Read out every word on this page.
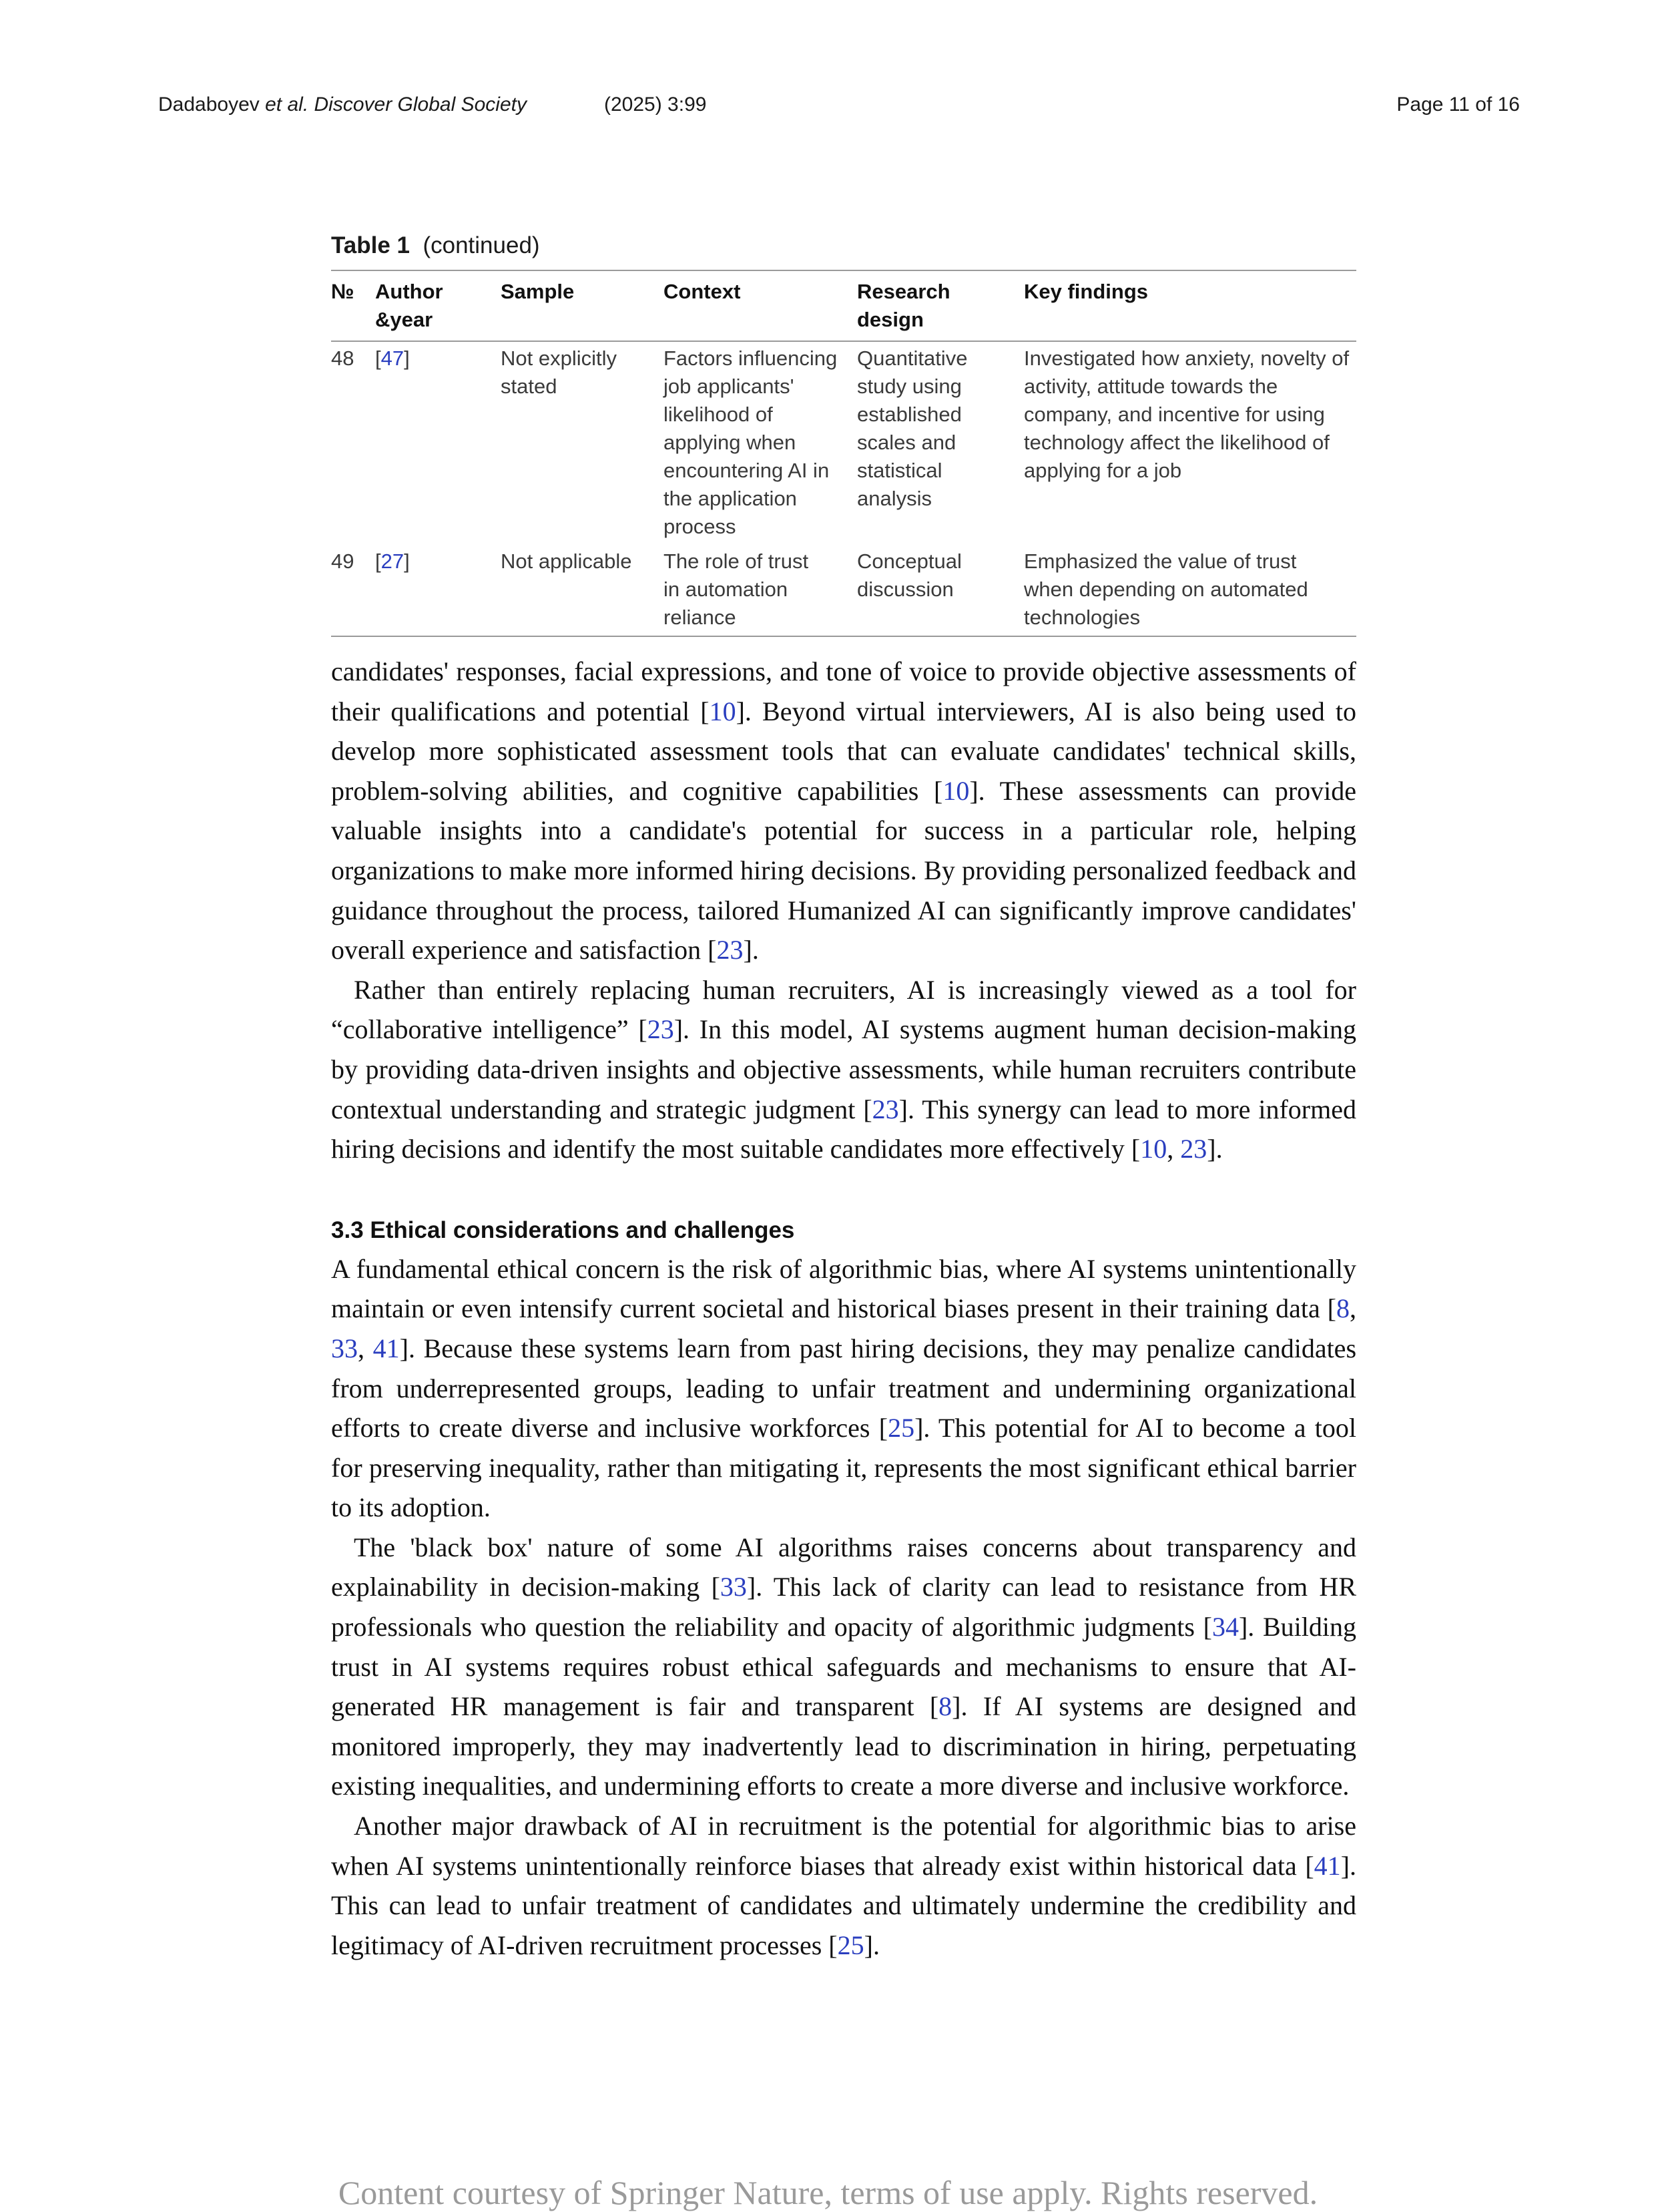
Dadaboyev et al. Discover Global Society	(2025) 3:99	Page 11 of 16
Table 1 (continued)
№	Author &year	Sample	Context	Research design	Key findings
48	[47]	Not explicitly stated	Factors influencing job applicants' likelihood of applying when encountering AI in the application process	Quantitative study using established scales and statistical analysis	Investigated how anxiety, novelty of activity, attitude towards the company, and incentive for using technology affect the likelihood of applying for a job
49	[27]	Not applicable	The role of trust in automation reliance	Conceptual discussion	Emphasized the value of trust when depending on automated technologies

candidates' responses, facial expressions, and tone of voice to provide objective assessments of their qualifications and potential [10]. Beyond virtual interviewers, AI is also being used to develop more sophisticated assessment tools that can evaluate candidates' technical skills, problem-solving abilities, and cognitive capabilities [10]. These assessments can provide valuable insights into a candidate's potential for success in a particular role, helping organizations to make more informed hiring decisions. By providing personalized feedback and guidance throughout the process, tailored Humanized AI can significantly improve candidates' overall experience and satisfaction [23].

Rather than entirely replacing human recruiters, AI is increasingly viewed as a tool for “collaborative intelligence” [23]. In this model, AI systems augment human decision-making by providing data-driven insights and objective assessments, while human recruiters contribute contextual understanding and strategic judgment [23]. This synergy can lead to more informed hiring decisions and identify the most suitable candidates more effectively [10, 23].

3.3 Ethical considerations and challenges

A fundamental ethical concern is the risk of algorithmic bias, where AI systems unintentionally maintain or even intensify current societal and historical biases present in their training data [8, 33, 41]. Because these systems learn from past hiring decisions, they may penalize candidates from underrepresented groups, leading to unfair treatment and undermining organizational efforts to create diverse and inclusive workforces [25]. This potential for AI to become a tool for preserving inequality, rather than mitigating it, represents the most significant ethical barrier to its adoption.

The 'black box' nature of some AI algorithms raises concerns about transparency and explainability in decision-making [33]. This lack of clarity can lead to resistance from HR professionals who question the reliability and opacity of algorithmic judgments [34]. Building trust in AI systems requires robust ethical safeguards and mechanisms to ensure that AI-generated HR management is fair and transparent [8]. If AI systems are designed and monitored improperly, they may inadvertently lead to discrimination in hiring, perpetuating existing inequalities, and undermining efforts to create a more diverse and inclusive workforce.

Another major drawback of AI in recruitment is the potential for algorithmic bias to arise when AI systems unintentionally reinforce biases that already exist within historical data [41]. This can lead to unfair treatment of candidates and ultimately undermine the credibility and legitimacy of AI-driven recruitment processes [25].

Content courtesy of Springer Nature, terms of use apply. Rights reserved.
